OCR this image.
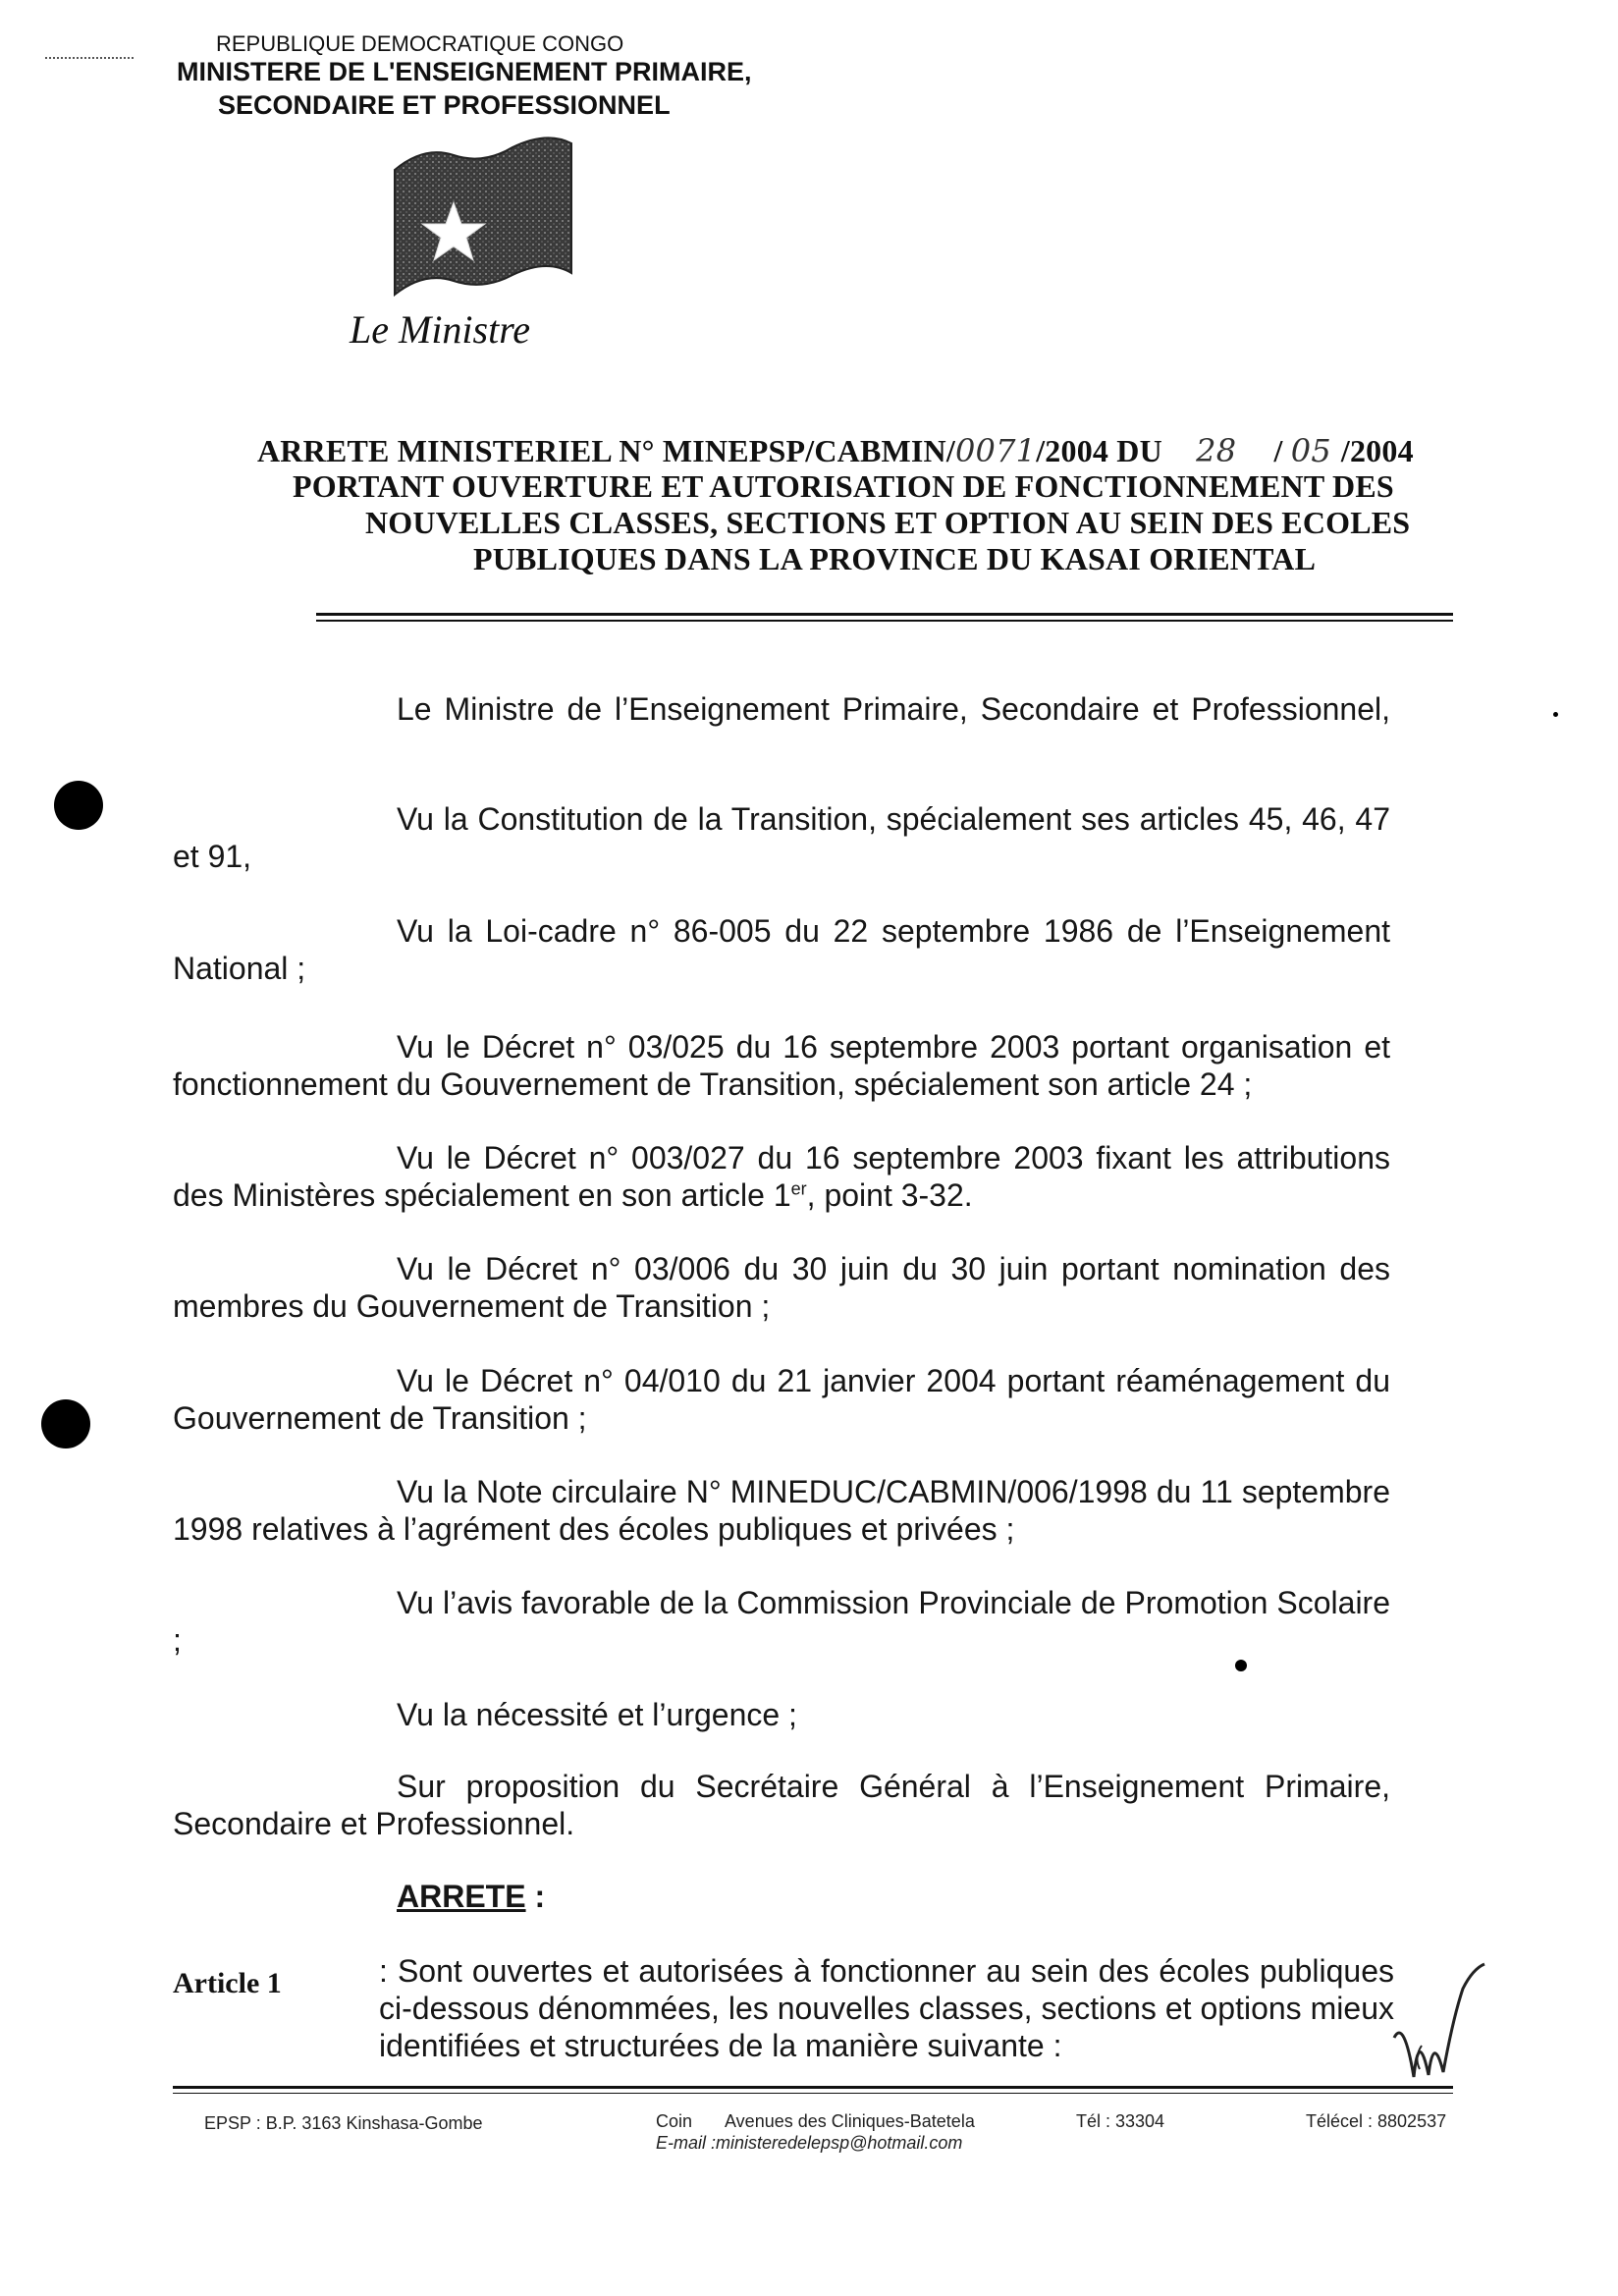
REPUBLIQUE DEMOCRATIQUE CONGO
MINISTERE DE L'ENSEIGNEMENT PRIMAIRE,
SECONDAIRE ET PROFESSIONNEL
Le Ministre
ARRETE MINISTERIEL N° MINEPSP/CABMIN/0071/2004 DU 28 / 05 /2004
PORTANT OUVERTURE ET AUTORISATION DE FONCTIONNEMENT DES
NOUVELLES CLASSES, SECTIONS ET OPTION AU SEIN DES ECOLES
PUBLIQUES DANS LA PROVINCE DU KASAI ORIENTAL
Le Ministre de l’Enseignement Primaire, Secondaire et Professionnel,
Vu la Constitution de la Transition, spécialement ses articles 45, 46, 47 et 91,
Vu la Loi-cadre n° 86-005 du 22 septembre 1986 de l’Enseignement National ;
Vu le Décret n° 03/025 du 16 septembre 2003 portant organisation et fonctionnement du Gouvernement de Transition, spécialement son article 24 ;
Vu le Décret n° 003/027 du 16 septembre 2003 fixant les attributions des Ministères spécialement en son article 1er, point 3-32.
Vu le Décret n° 03/006 du 30 juin du 30 juin portant nomination des membres du Gouvernement de Transition ;
Vu le Décret n° 04/010 du 21 janvier 2004 portant réaménagement du Gouvernement de Transition ;
Vu la Note circulaire N° MINEDUC/CABMIN/006/1998 du 11 septembre 1998 relatives à l’agrément des écoles publiques et privées ;
Vu l’avis favorable de la Commission Provinciale de Promotion Scolaire ;
Vu la nécessité et l’urgence ;
Sur proposition du Secrétaire Général à l’Enseignement Primaire, Secondaire et Professionnel.
ARRETE :
Article 1	: Sont ouvertes et autorisées à fonctionner au sein des écoles publiques ci-dessous dénommées, les nouvelles classes, sections et options mieux identifiées et structurées de la manière suivante :
EPSP : B.P. 3163 Kinshasa-Gombe	Coin Avenues des Cliniques-Batetela
E-mail :ministeredelepsp@hotmail.com
Tél : 33304	Télécel : 8802537
